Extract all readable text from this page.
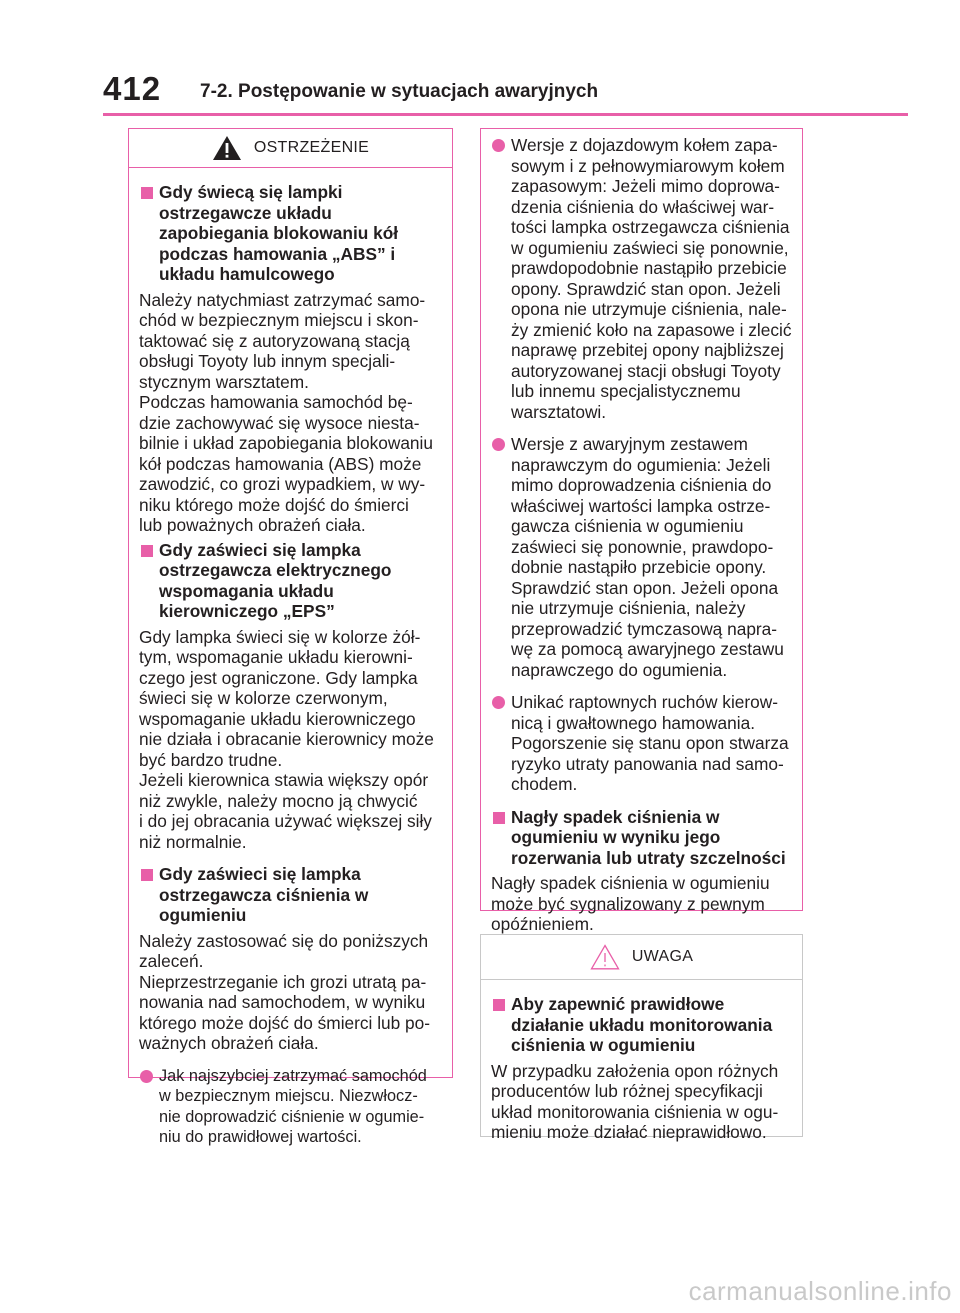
412 7-2. Postępowanie w sytuacjach awaryjnych
OSTRZEŻENIE
Gdy świecą się lampki ostrzegawcze układu zapobiegania blokowaniu kół podczas hamowania „ABS” i układu hamulcowego
Należy natychmiast zatrzymać samo-
chód w bezpiecznym miejscu i skon-
taktować się z autoryzowaną stacją
obsługi Toyoty lub innym specjali-
stycznym warsztatem.
Podczas hamowania samochód bę-
dzie zachowywać się wysoce niesta-
bilnie i układ zapobiegania blokowaniu
kół podczas hamowania (ABS) może
zawodzić, co grozi wypadkiem, w wy-
niku którego może dojść do śmierci
lub poważnych obrażeń ciała.
Gdy zaświeci się lampka ostrzegawcza elektrycznego wspomagania układu kierowniczego „EPS”
Gdy lampka świeci się w kolorze żół-
tym, wspomaganie układu kierowni-
czego jest ograniczone. Gdy lampka
świeci się w kolorze czerwonym,
wspomaganie układu kierowniczego
nie działa i obracanie kierownicy może
być bardzo trudne.
Jeżeli kierownica stawia większy opór
niż zwykle, należy mocno ją chwycić
i do jej obracania używać większej siły
niż normalnie.
Gdy zaświeci się lampka ostrzegawcza ciśnienia w ogumieniu
Należy zastosować się do poniższych
zaleceń.
Nieprzestrzeganie ich grozi utratą pa-
nowania nad samochodem, w wyniku
którego może dojść do śmierci lub po-
ważnych obrażeń ciała.
Jak najszybciej zatrzymać samochód
w bezpiecznym miejscu. Niezwłocz-
nie doprowadzić ciśnienie w ogumie-
niu do prawidłowej wartości.
Wersje z dojazdowym kołem zapa-
sowym i z pełnowymiarowym kołem
zapasowym: Jeżeli mimo doprowa-
dzenia ciśnienia do właściwej war-
tości lampka ostrzegawcza ciśnienia
w ogumieniu zaświeci się ponownie,
prawdopodobnie nastąpiło przebicie
opony. Sprawdzić stan opon. Jeżeli
opona nie utrzymuje ciśnienia, nale-
ży zmienić koło na zapasowe i zlecić
naprawę przebitej opony najbliższej
autoryzowanej stacji obsługi Toyoty
lub innemu specjalistycznemu
warsztatowi.
Wersje z awaryjnym zestawem
naprawczym do ogumienia: Jeżeli
mimo doprowadzenia ciśnienia do
właściwej wartości lampka ostrze-
gawcza ciśnienia w ogumieniu
zaświeci się ponownie, prawdopo-
dobnie nastąpiło przebicie opony.
Sprawdzić stan opon. Jeżeli opona
nie utrzymuje ciśnienia, należy
przeprowadzić tymczasową napra-
wę za pomocą awaryjnego zestawu
naprawczego do ogumienia.
Unikać raptownych ruchów kierow-
nicą i gwałtownego hamowania.
Pogorszenie się stanu opon stwarza
ryzyko utraty panowania nad samo-
chodem.
Nagły spadek ciśnienia w ogumieniu w wyniku jego rozerwania lub utraty szczelności
Nagły spadek ciśnienia w ogumieniu
może być sygnalizowany z pewnym
opóźnieniem.
UWAGA
Aby zapewnić prawidłowe działanie układu monitorowania ciśnienia w ogumieniu
W przypadku założenia opon różnych
producentów lub różnej specyfikacji
układ monitorowania ciśnienia w ogu-
mieniu może działać nieprawidłowo.
carmanualsonline.info
